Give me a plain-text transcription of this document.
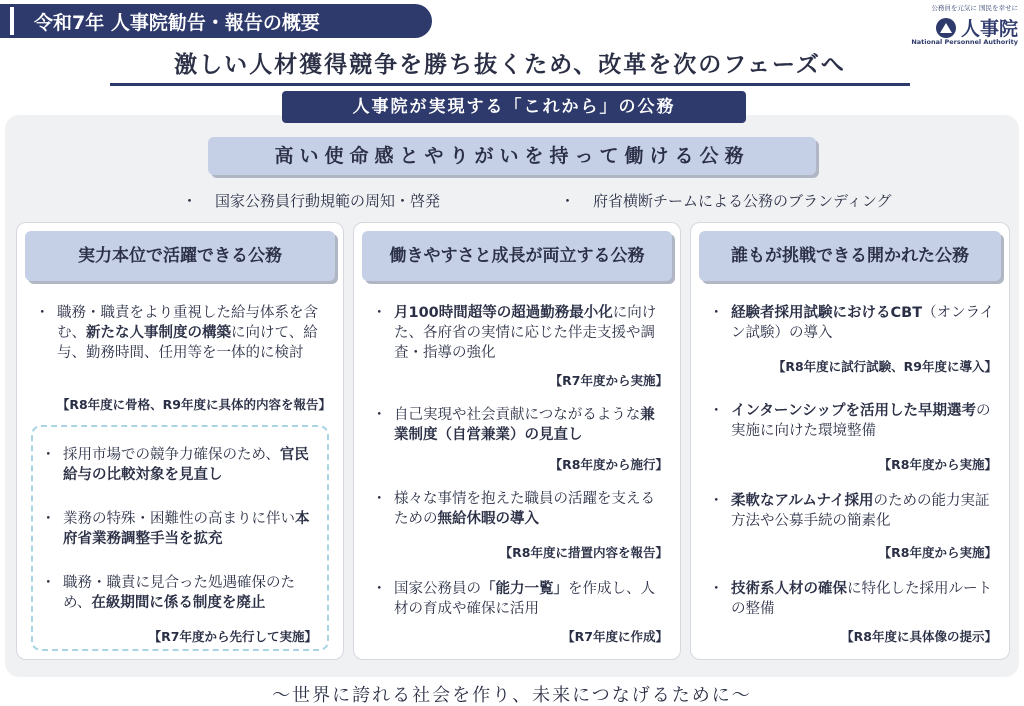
令和7年 人事院勧告・報告の概要
公務員を元気に 国民を幸せに
人事院
National Personnel Authority
激しい人材獲得競争を勝ち抜くため、改革を次のフェーズへ
人事院が実現する「これから」の公務
高い使命感とやりがいを持って働ける公務
・ 国家公務員行動規範の周知・啓発	・ 府省横断チームによる公務のブランディング
実力本位で活躍できる公務
・ 職務・職責をより重視した給与体系を含む、新たな人事制度の構築に向けて、給与、勤務時間、任用等を一体的に検討
【R8年度に骨格、R9年度に具体的内容を報告】
・ 採用市場での競争力確保のため、官民給与の比較対象を見直し
・ 業務の特殊・困難性の高まりに伴い本府省業務調整手当を拡充
・ 職務・職責に見合った処遇確保のため、在級期間に係る制度を廃止
【R7年度から先行して実施】
働きやすさと成長が両立する公務
・ 月100時間超等の超過勤務最小化に向けた、各府省の実情に応じた伴走支援や調査・指導の強化
【R7年度から実施】
・ 自己実現や社会貢献につながるような兼業制度（自営兼業）の見直し
【R8年度から施行】
・ 様々な事情を抱えた職員の活躍を支えるための無給休暇の導入
【R8年度に措置内容を報告】
・ 国家公務員の「能力一覧」を作成し、人材の育成や確保に活用
【R7年度に作成】
誰もが挑戦できる開かれた公務
・ 経験者採用試験におけるCBT（オンライン試験）の導入
【R8年度に試行試験、R9年度に導入】
・ インターンシップを活用した早期選考の実施に向けた環境整備
【R8年度から実施】
・ 柔軟なアルムナイ採用のための能力実証方法や公募手続の簡素化
【R8年度から実施】
・ 技術系人材の確保に特化した採用ルートの整備
【R8年度に具体像の提示】
～世界に誇れる社会を作り、未来につなげるために～
